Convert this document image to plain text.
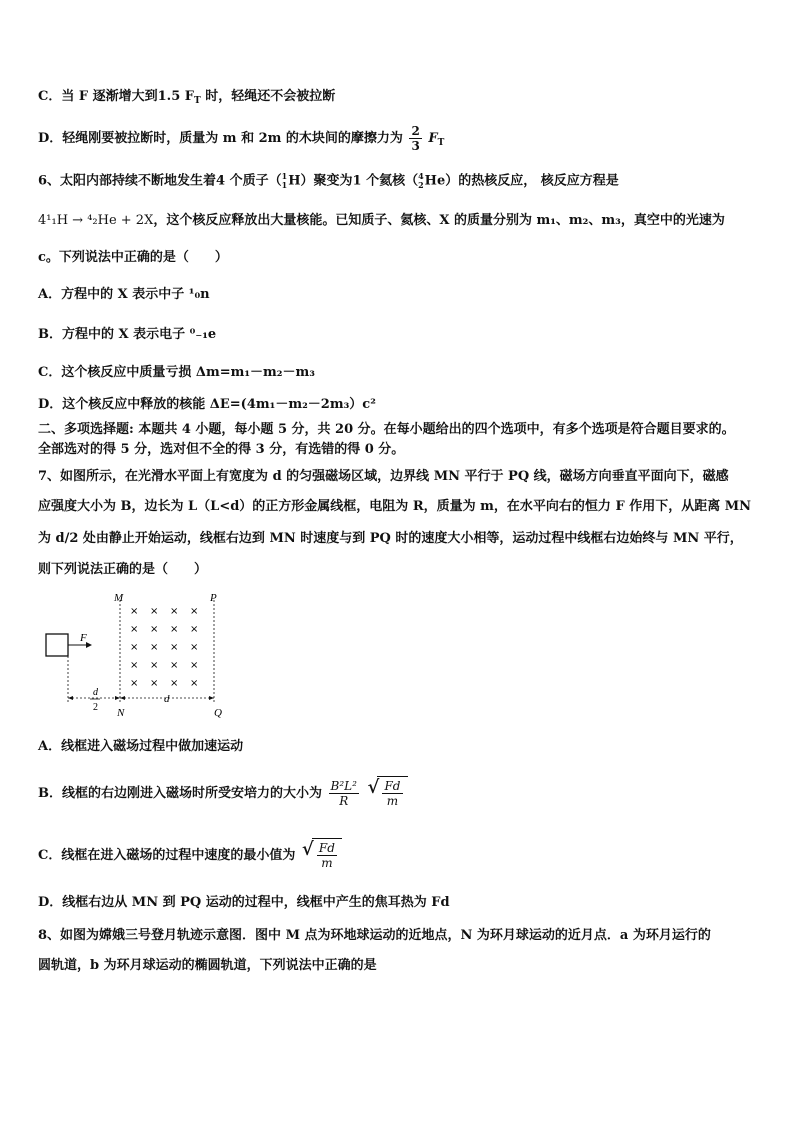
C．当 F 逐渐增大到1.5 $F_T$ 时，轻绳还不会被拉断
D．轻绳刚要被拉断时，质量为 m 和 2m 的木块间的摩擦力为 $\frac{2}{3} F_T$
6、太阳内部持续不断地发生着4 个质子（1
1H）聚变为1 个氦核（4
2He）的热核反应， 核反应方程是
4¹₁H → ⁴₂He + 2X，这个核反应释放出大量核能。已知质子、氦核、X 的质量分别为 m₁、m₂、m₃，真空中的光速为
c。下列说法中正确的是（　　）
A．方程中的 X 表示中子 ¹₀n
B．方程中的 X 表示电子 ⁰₋₁e
C．这个核反应中质量亏损 Δm=m₁－m₂－m₃
D．这个核反应中释放的核能 ΔE=(4m₁－m₂－2m₃）c²
二、多项选择题: 本题共 4 小题，每小题 5 分，共 20 分。在每小题给出的四个选项中，有多个选项是符合题目要求的。
全部选对的得 5 分，选对但不全的得 3 分，有选错的得 0 分。
7、如图所示，在光滑水平面上有宽度为 d 的匀强磁场区域，边界线 MN 平行于 PQ 线，磁场方向垂直平面向下，磁感
应强度大小为 B，边长为 L（L<d）的正方形金属线框，电阻为 R，质量为 m，在水平向右的恒力 F 作用下，从距离 MN
为 d/2 处由静止开始运动，线框右边到 MN 时速度与到 PQ 时的速度大小相等，运动过程中线框右边始终与 MN 平行，
则下列说法正确的是（　　）
F
M	P
N	Q
× × × ×
× × × ×
× × × ×
× × × ×
× × × ×
d
2
d
A．线框进入磁场过程中做加速运动
B．线框的右边刚进入磁场时所受安培力的大小为 $\frac{\text{B²L²}}{R}$
√ $\frac{Fd}{m}$
C．线框在进入磁场的过程中速度的最小值为 √ $\frac{Fd}{m}$
D．线框右边从 MN 到 PQ 运动的过程中，线框中产生的焦耳热为 Fd
8、如图为嫦娥三号登月轨迹示意图．图中 M 点为环地球运动的近地点，N 为环月球运动的近月点．a 为环月运行的
圆轨道，b 为环月球运动的椭圆轨道，下列说法中正确的是
